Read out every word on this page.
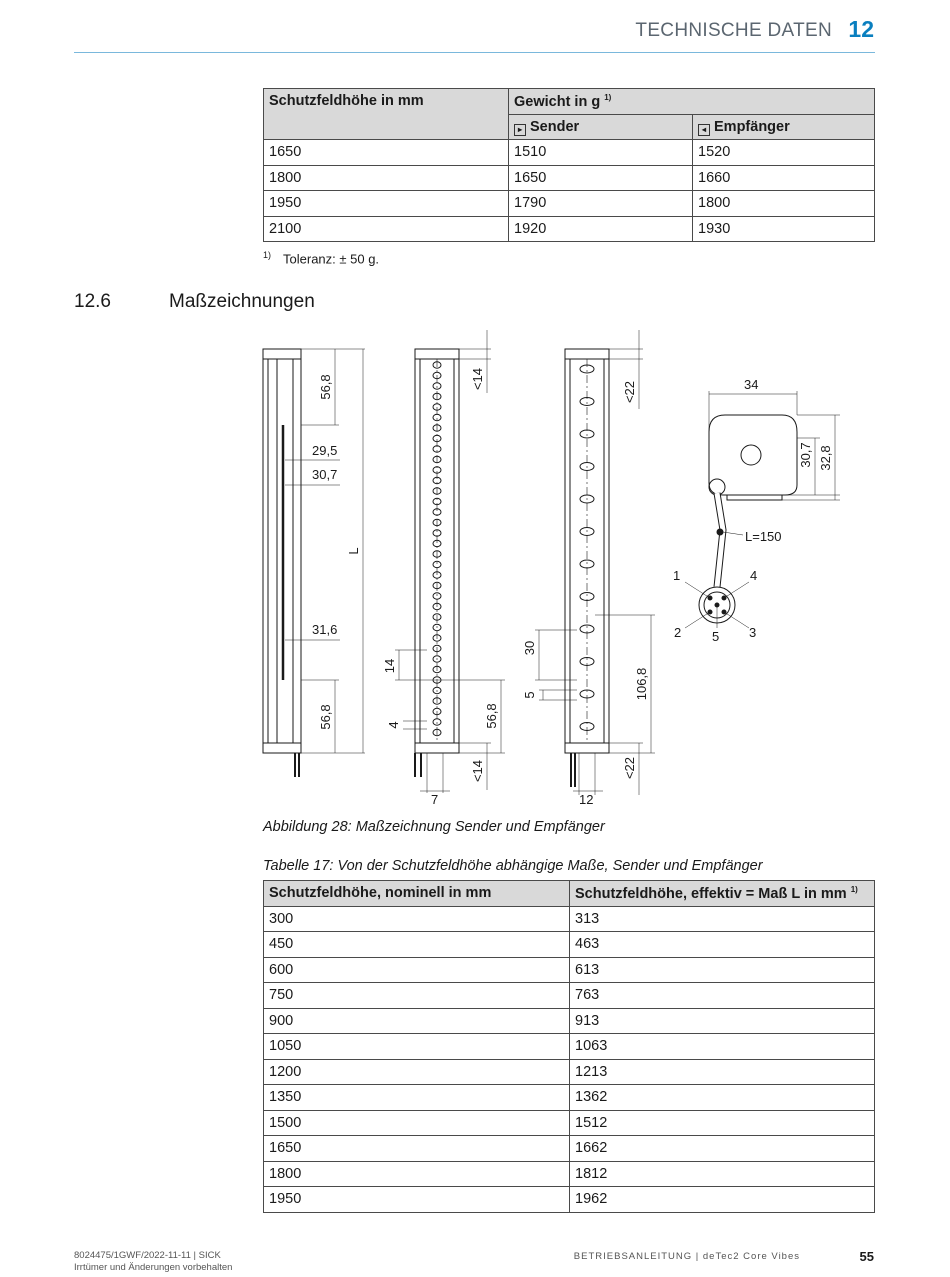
TECHNISCHE DATEN 12
Schutzfeldhöhe in mm	Gewicht in g $^{1)}$
	▸ Sender	◂ Empfänger
1650	1510	1520
1800	1650	1660
1950	1790	1800
2100	1920	1930
$^{1)}$ Toleranz: ± 50 g.
12.6	Maßzeichnungen
56,8
29,5
30,7
L
31,6
56,8
<14
14
4	56,8
<14
7
<22
30
5	106,8
<22
12
34
30,7 32,8
L=150
1	4
2 5 3
Abbildung 28: Maßzeichnung Sender und Empfänger
Tabelle 17: Von der Schutzfeldhöhe abhängige Maße, Sender und Empfänger
Schutzfeldhöhe, nominell in mm	Schutzfeldhöhe, effektiv = Maß L in mm $^{1)}$
300	313
450	463
600	613
750	763
900	913
1050	1063
1200	1213
1350	1362
1500	1512
1650	1662
1800	1812
1950	1962
8024475/1GWF/2022-11-11 | SICK
Irrtümer und Änderungen vorbehalten
BETRIEBSANLEITUNG | deTec2 Core Vibes	55
